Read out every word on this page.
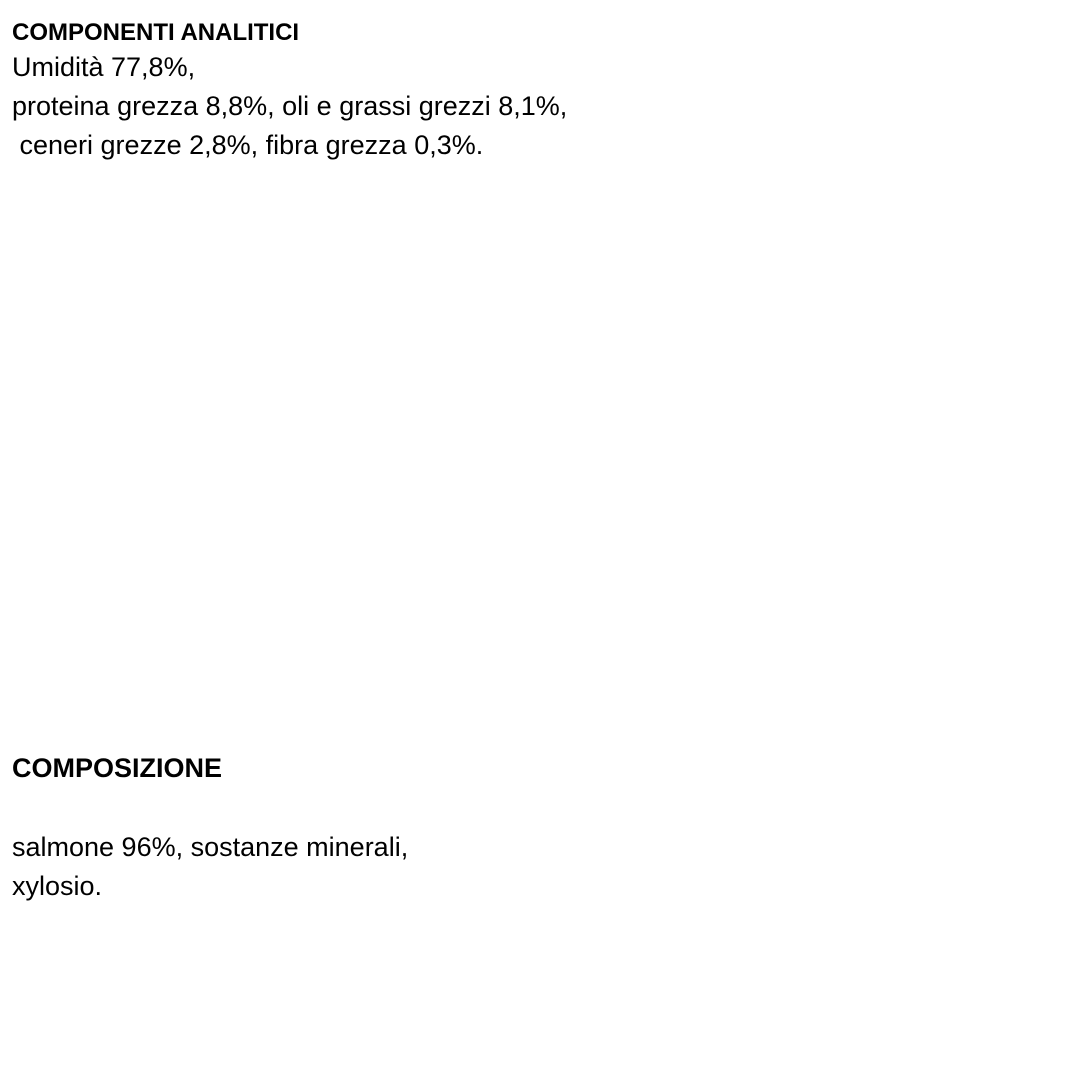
COMPONENTI ANALITICI

Umidità 77,8%,

proteina grezza 8,8%, oli e grassi grezzi 8,1%,

ceneri grezze 2,8%, fibra grezza 0,3%.

COMPOSIZIONE

salmone 96%, sostanze minerali,

xylosio.
